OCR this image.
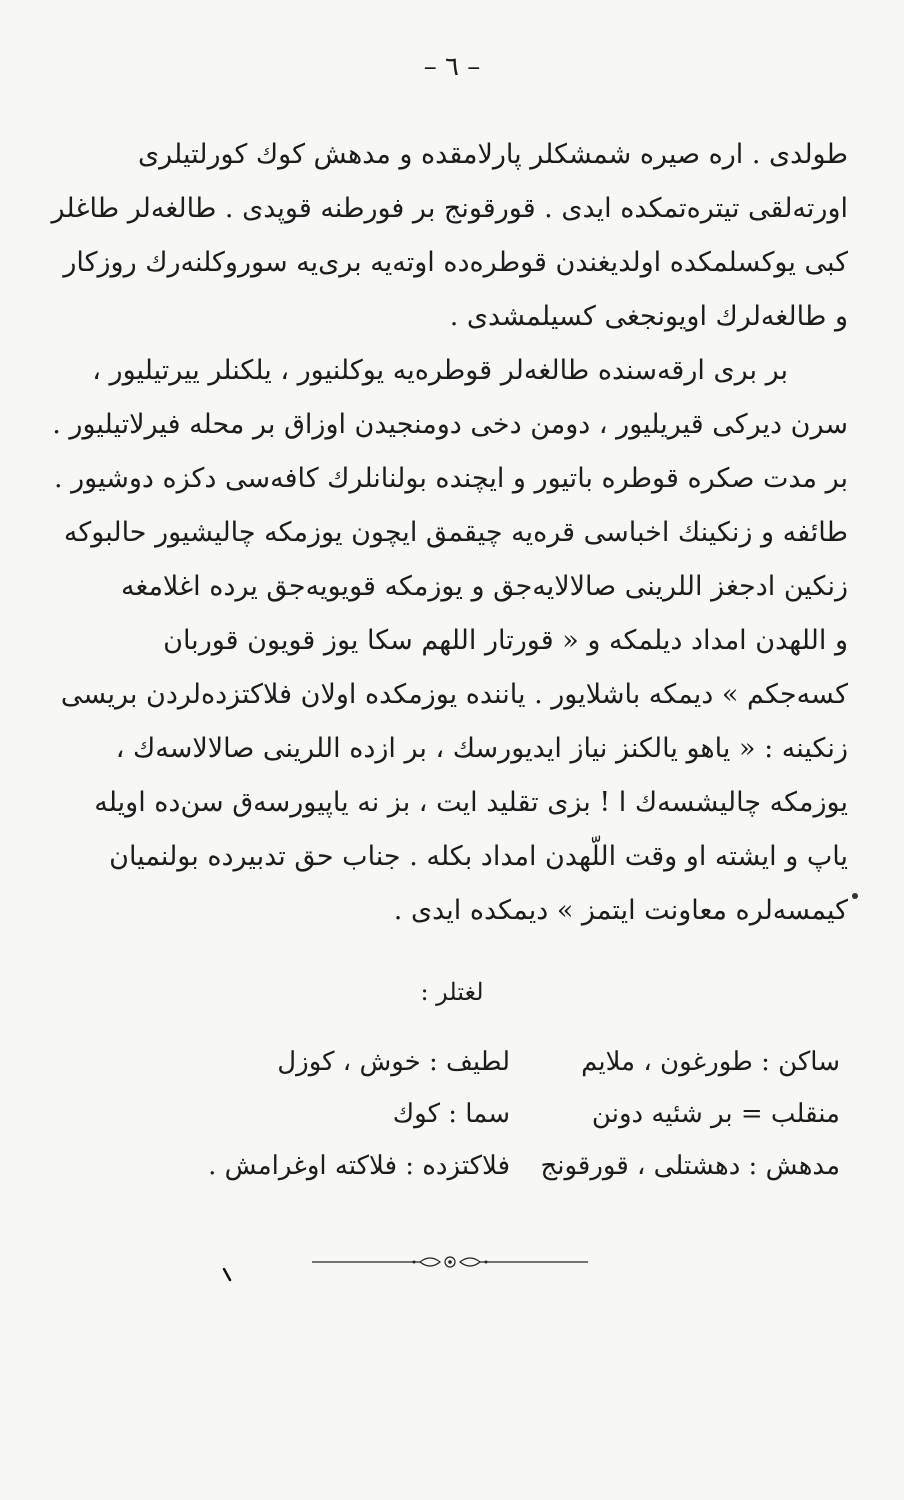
– ٦ –
طولدی . اره صیره شمشکلر پارلامقده و مدهش کوك کورلتیلری
اورته‌لقی تیتره‌تمکده ایدی . قورقونج بر فورطنه قوپدی . طالغه‌لر طاغلر
کبی یوکسلمکده اولدیغندن قوطره‌ده اوته‌یه بری‌یه سوروکلنه‌رك روزکار
و طالغه‌لرك اویونجغی کسیلمشدی .
بر بری ارقه‌سنده طالغه‌لر قوطره‌یه یوکلنیور ، یلکنلر ییرتیلیور ،
سرن دیرکی قیریلیور ، دومن دخی دومنجیدن اوزاق بر محله فیرلاتیلیور .
بر مدت صکره قوطره باتیور و ایچنده بولنانلرك کافه‌سی دکزه دوشیور .
طائفه و زنکینك اخباسی قره‌یه چیقمق ایچون یوزمکه چالیشیور حالبوکه
زنکین ادجغز اللرینی صالالایه‌جق و یوزمکه قویویه‌جق یرده اغلامغه
و اللهدن امداد دیلمکه و « قورتار اللهم سکا یوز قویون قوربان
کسه‌جکم » دیمکه باشلایور . یاننده یوزمکده اولان فلاکتزده‌لردن بریسی
زنکینه : « یاهو یالکنز نیاز ایدیورسك ، بر ازده اللرینی صالالاسه‌ك ،
یوزمکه چالیشسه‌ك ا ! بزی تقلید ایت ، بز نه یاپیورسه‌ق سن‌ده اویله
یاپ و ایشته او وقت اللّهدن امداد بکله . جناب حق تدبیرده بولنمیان
کیمسه‌لره معاونت ایتمز » دیمکده ایدی .
لغتلر :
ساکن : طورغون ، ملایم
لطیف : خوش ، کوزل
منقلب = بر شئیه دونن
سما : کوك
مدهش : دهشتلی ، قورقونج
فلاکتزده : فلاکته اوغرامش .
